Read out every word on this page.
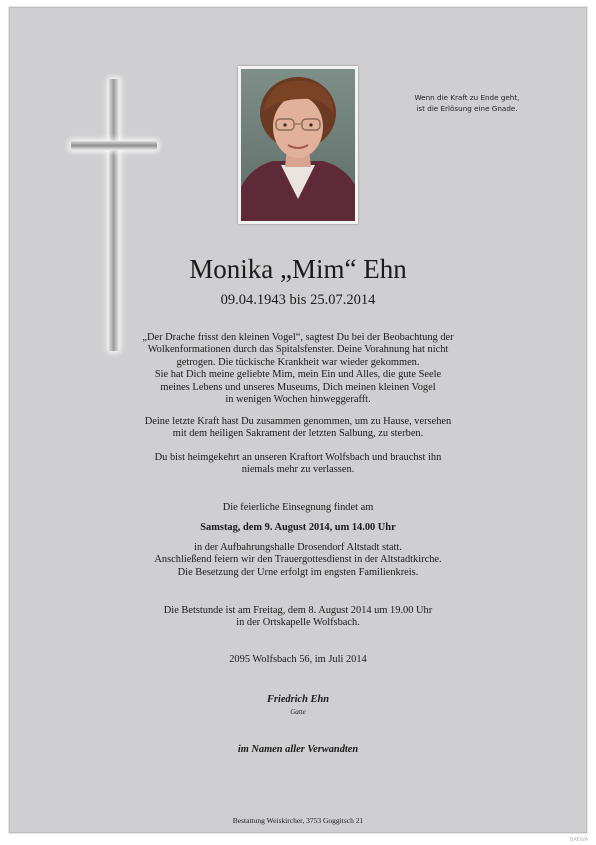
Wenn die Kraft zu Ende geht,
ist die Erlösung eine Gnade.
Monika „Mim“ Ehn
09.04.1943 bis 25.07.2014
„Der Drache frisst den kleinen Vogel“, sagtest Du bei der Beobachtung der
Wolkenformationen durch das Spitalsfenster. Deine Vorahnung hat nicht
getrogen. Die tückische Krankheit war wieder gekommen.
Sie hat Dich meine geliebte Mim, mein Ein und Alles, die gute Seele
meines Lebens und unseres Museums, Dich meinen kleinen Vogel
in wenigen Wochen hinweggerafft.
Deine letzte Kraft hast Du zusammen genommen, um zu Hause, versehen
mit dem heiligen Sakrament der letzten Salbung, zu sterben.
Du bist heimgekehrt an unseren Kraftort Wolfsbach und brauchst ihn
niemals mehr zu verlassen.
Die feierliche Einsegnung findet am
Samstag, dem 9. August 2014, um 14.00 Uhr
in der Aufbahrungshalle Drosendorf Altstadt statt.
Anschließend feiern wir den Trauergottesdienst in der Altstadtkirche.
Die Besetzung der Urne erfolgt im engsten Familienkreis.
Die Betstunde ist am Freitag, dem 8. August 2014 um 19.00 Uhr
in der Ortskapelle Wolfsbach.
2095 Wolfsbach 56, im Juli 2014
Friedrich Ehn
Gatte
im Namen aller Verwandten
Bestattung Weiskircher, 3753 Goggitsch 21
BAEWA
